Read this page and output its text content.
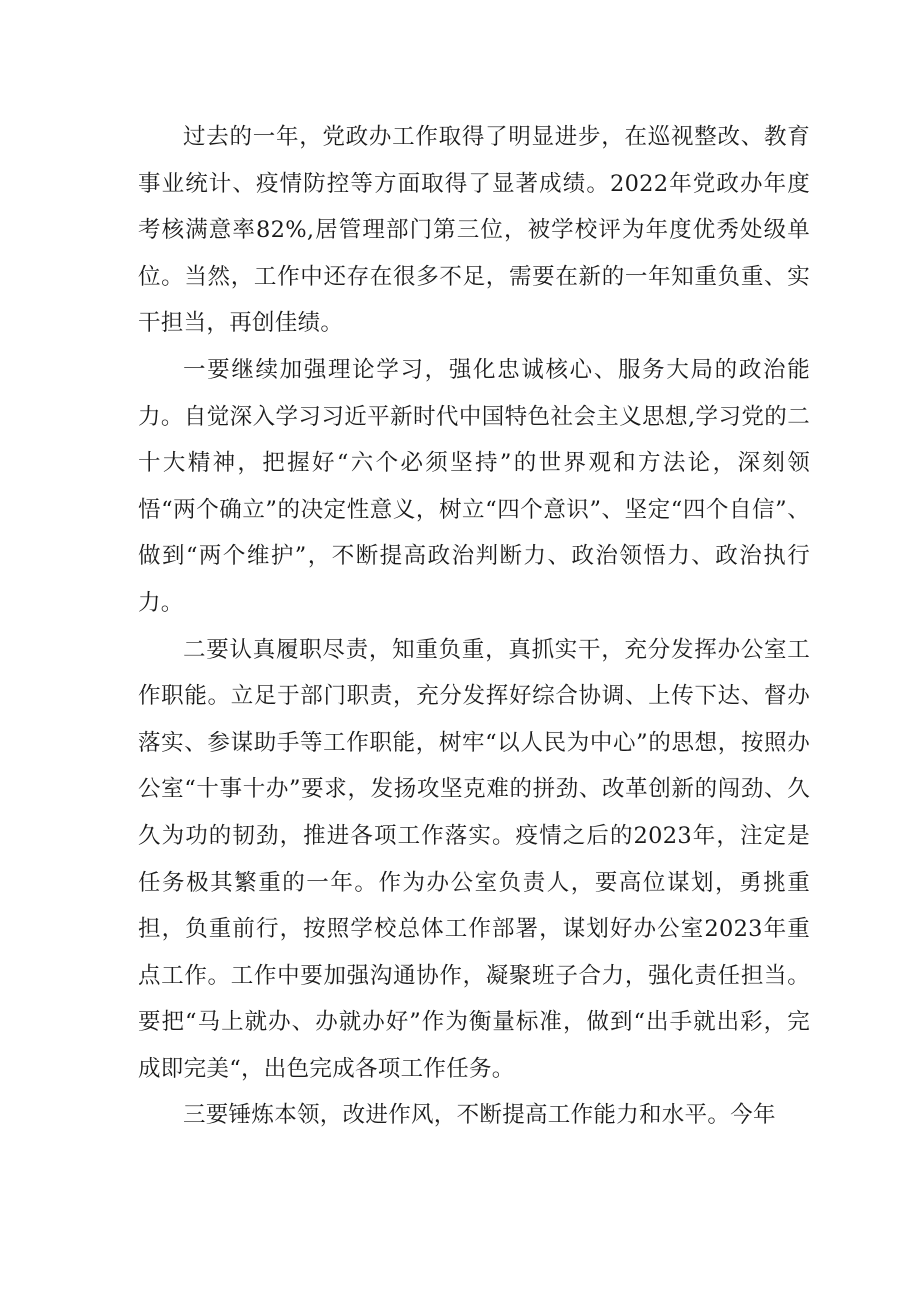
过去的一年，党政办工作取得了明显进步，在巡视整改、教育事业统计、疫情防控等方面取得了显著成绩。2022年党政办年度考核满意率82%,居管理部门第三位，被学校评为年度优秀处级单位。当然，工作中还存在很多不足，需要在新的一年知重负重、实干担当，再创佳绩。

一要继续加强理论学习，强化忠诚核心、服务大局的政治能力。自觉深入学习习近平新时代中国特色社会主义思想,学习党的二十大精神，把握好“六个必须坚持”的世界观和方法论，深刻领悟“两个确立”的决定性意义，树立“四个意识”、坚定“四个自信”、做到“两个维护”，不断提高政治判断力、政治领悟力、政治执行力。

二要认真履职尽责，知重负重，真抓实干，充分发挥办公室工作职能。立足于部门职责，充分发挥好综合协调、上传下达、督办落实、参谋助手等工作职能，树牢“以人民为中心”的思想，按照办公室“十事十办”要求，发扬攻坚克难的拼劲、改革创新的闯劲、久久为功的韧劲，推进各项工作落实。疫情之后的2023年，注定是任务极其繁重的一年。作为办公室负责人，要高位谋划，勇挑重担，负重前行，按照学校总体工作部署，谋划好办公室2023年重点工作。工作中要加强沟通协作，凝聚班子合力，强化责任担当。要把“马上就办、办就办好”作为衡量标准，做到“出手就出彩，完成即完美“，出色完成各项工作任务。

三要锤炼本领，改进作风，不断提高工作能力和水平。今年
